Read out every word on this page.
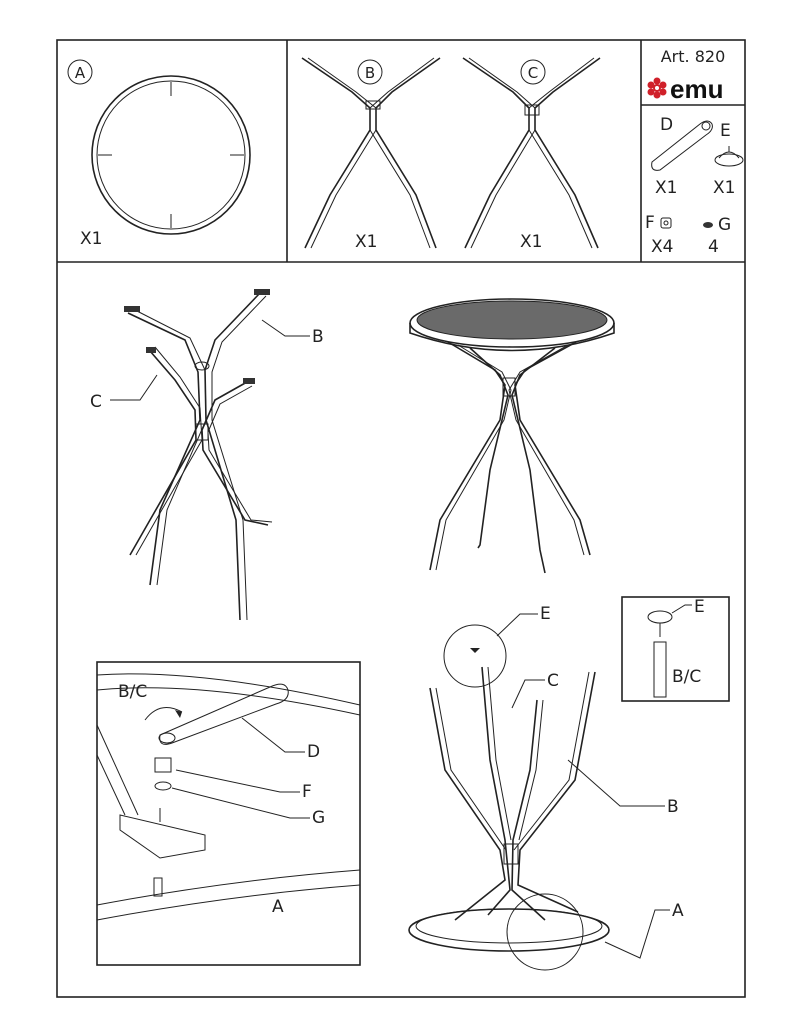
A
X1
B
X1
C
X1
Art. 820
emu
D	E
X1 X1
F	G
X4 4
B
C
B/C
D
F
G
A
E
C
B
A
E
B/C
